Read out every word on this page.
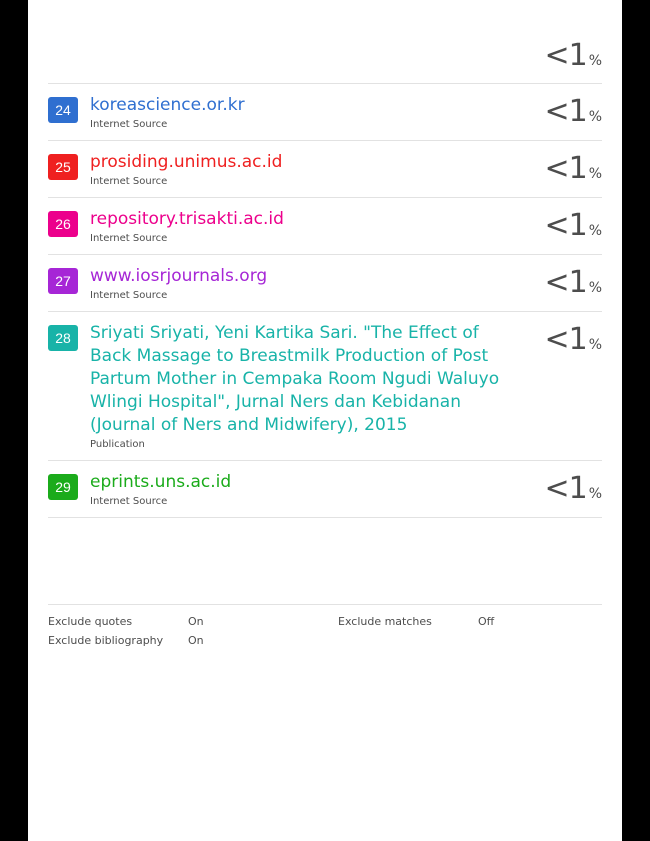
<1 %
24	koreascience.or.kr
Internet Source	<1 %
25	prosiding.unimus.ac.id
Internet Source	<1 %
26	repository.trisakti.ac.id
Internet Source	<1 %
27	www.iosrjournals.org
Internet Source	<1 %
28	Sriyati Sriyati, Yeni Kartika Sari. "The Effect of Back Massage to Breastmilk Production of Post Partum Mother in Cempaka Room Ngudi Waluyo Wlingi Hospital", Jurnal Ners dan Kebidanan (Journal of Ners and Midwifery), 2015
Publication
<1 %
29	eprints.uns.ac.id
Internet Source	<1 %
Exclude quotes	On
Exclude bibliography	On
Exclude matches	Off
